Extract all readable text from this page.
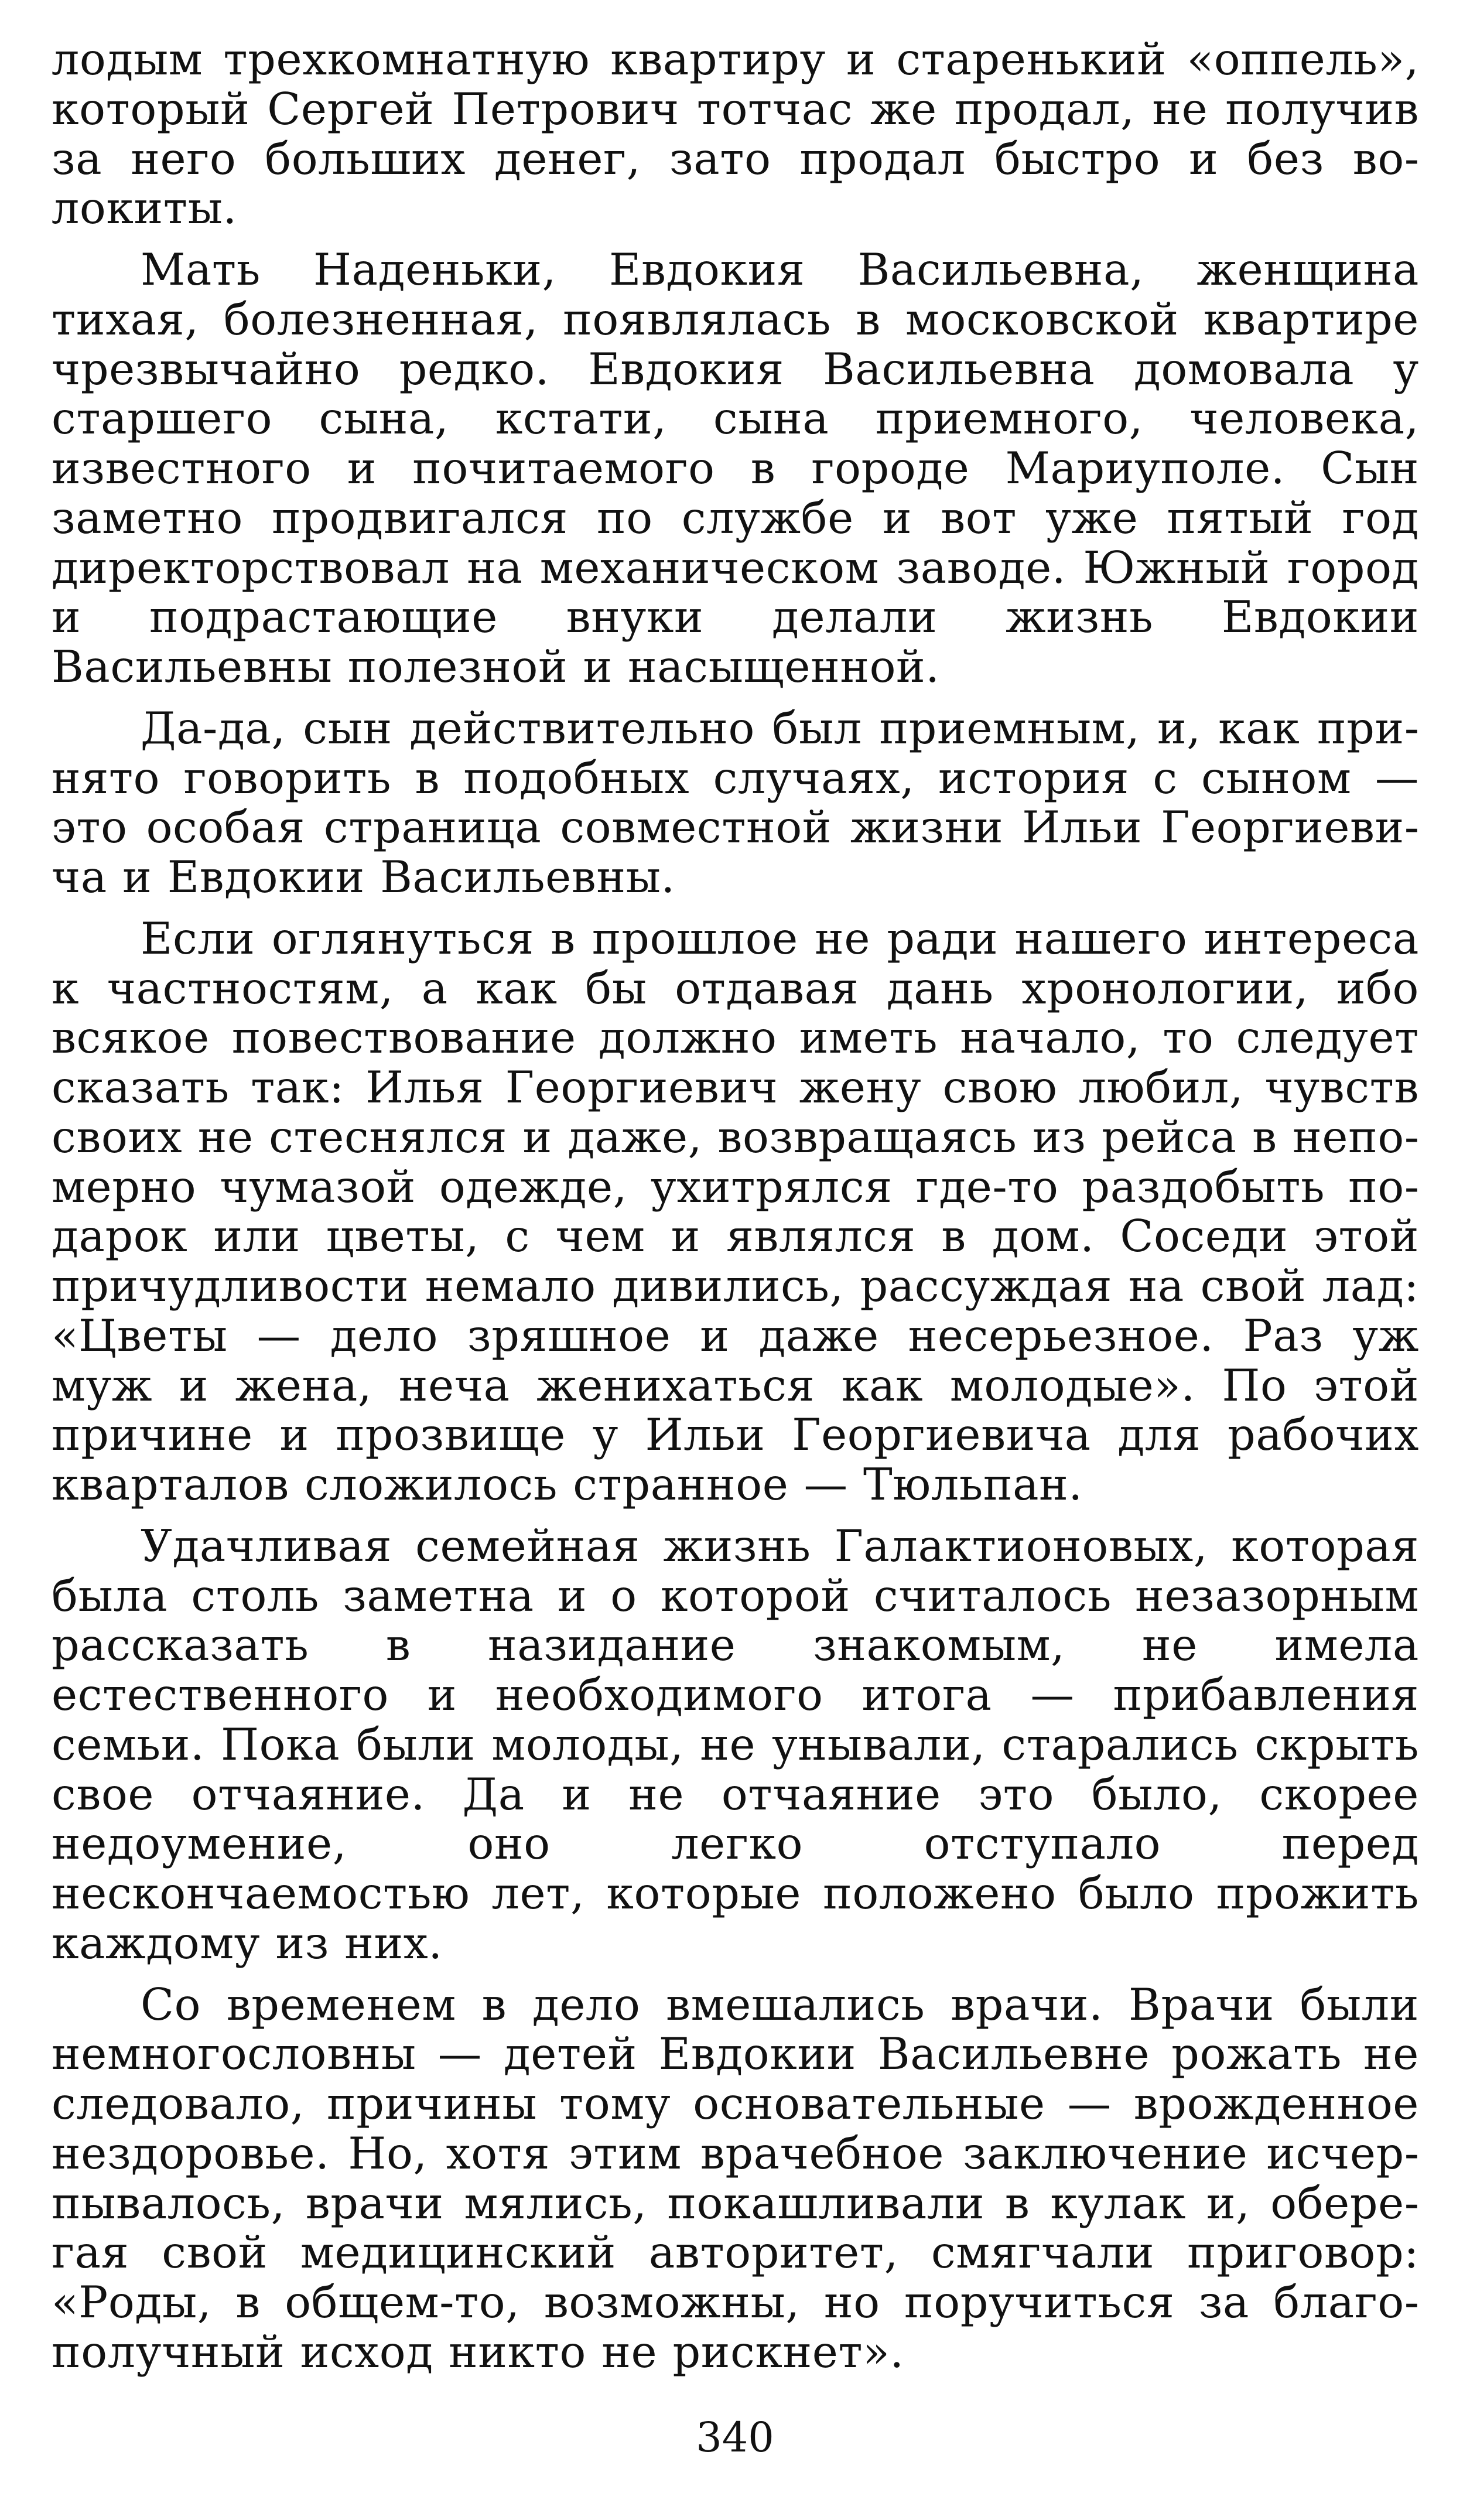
лодым трехкомнатную квартиру и старенький «оппель», который Сергей Петрович тотчас же продал, не получив за него больших денег, зато продал быстро и без волокиты.

Мать Наденьки, Евдокия Васильевна, женщина тихая, болезненная, появлялась в московской квартире чрезвычайно редко. Евдокия Васильевна домовала у старшего сына, кстати, сына приемного, человека, известного и почитаемого в городе Мариуполе. Сын заметно продвигался по службе и вот уже пятый год директорствовал на механическом заводе. Южный город и подрастающие внуки делали жизнь Евдокии Васильевны полезной и насыщенной.

Да-да, сын действительно был приемным, и, как принято говорить в подобных случаях, история с сыном — это особая страница совместной жизни Ильи Георгиевича и Евдокии Васильевны.

Если оглянуться в прошлое не ради нашего интереса к частностям, а как бы отдавая дань хронологии, ибо всякое повествование должно иметь начало, то следует сказать так: Илья Георгиевич жену свою любил, чувств своих не стеснялся и даже, возвращаясь из рейса в непомерно чумазой одежде, ухитрялся где-то раздобыть подарок или цветы, с чем и являлся в дом. Соседи этой причудливости немало дивились, рассуждая на свой лад: «Цветы — дело зряшное и даже несерьезное. Раз уж муж и жена, неча женихаться как молодые». По этой причине и прозвище у Ильи Георгиевича для рабочих кварталов сложилось странное — Тюльпан.

Удачливая семейная жизнь Галактионовых, которая была столь заметна и о которой считалось незазорным рассказать в назидание знакомым, не имела естественного и необходимого итога — прибавления семьи. Пока были молоды, не унывали, старались скрыть свое отчаяние. Да и не отчаяние это было, скорее недоумение, оно легко отступало перед нескончаемостью лет, которые положено было прожить каждому из них.

Со временем в дело вмешались врачи. Врачи были немногословны — детей Евдокии Васильевне рожать не следовало, причины тому основательные — врожденное нездоровье. Но, хотя этим врачебное заключение исчерпывалось, врачи мялись, покашливали в кулак и, оберегая свой медицинский авторитет, смягчали приговор: «Роды, в общем-то, возможны, но поручиться за благополучный исход никто не рискнет».

340
